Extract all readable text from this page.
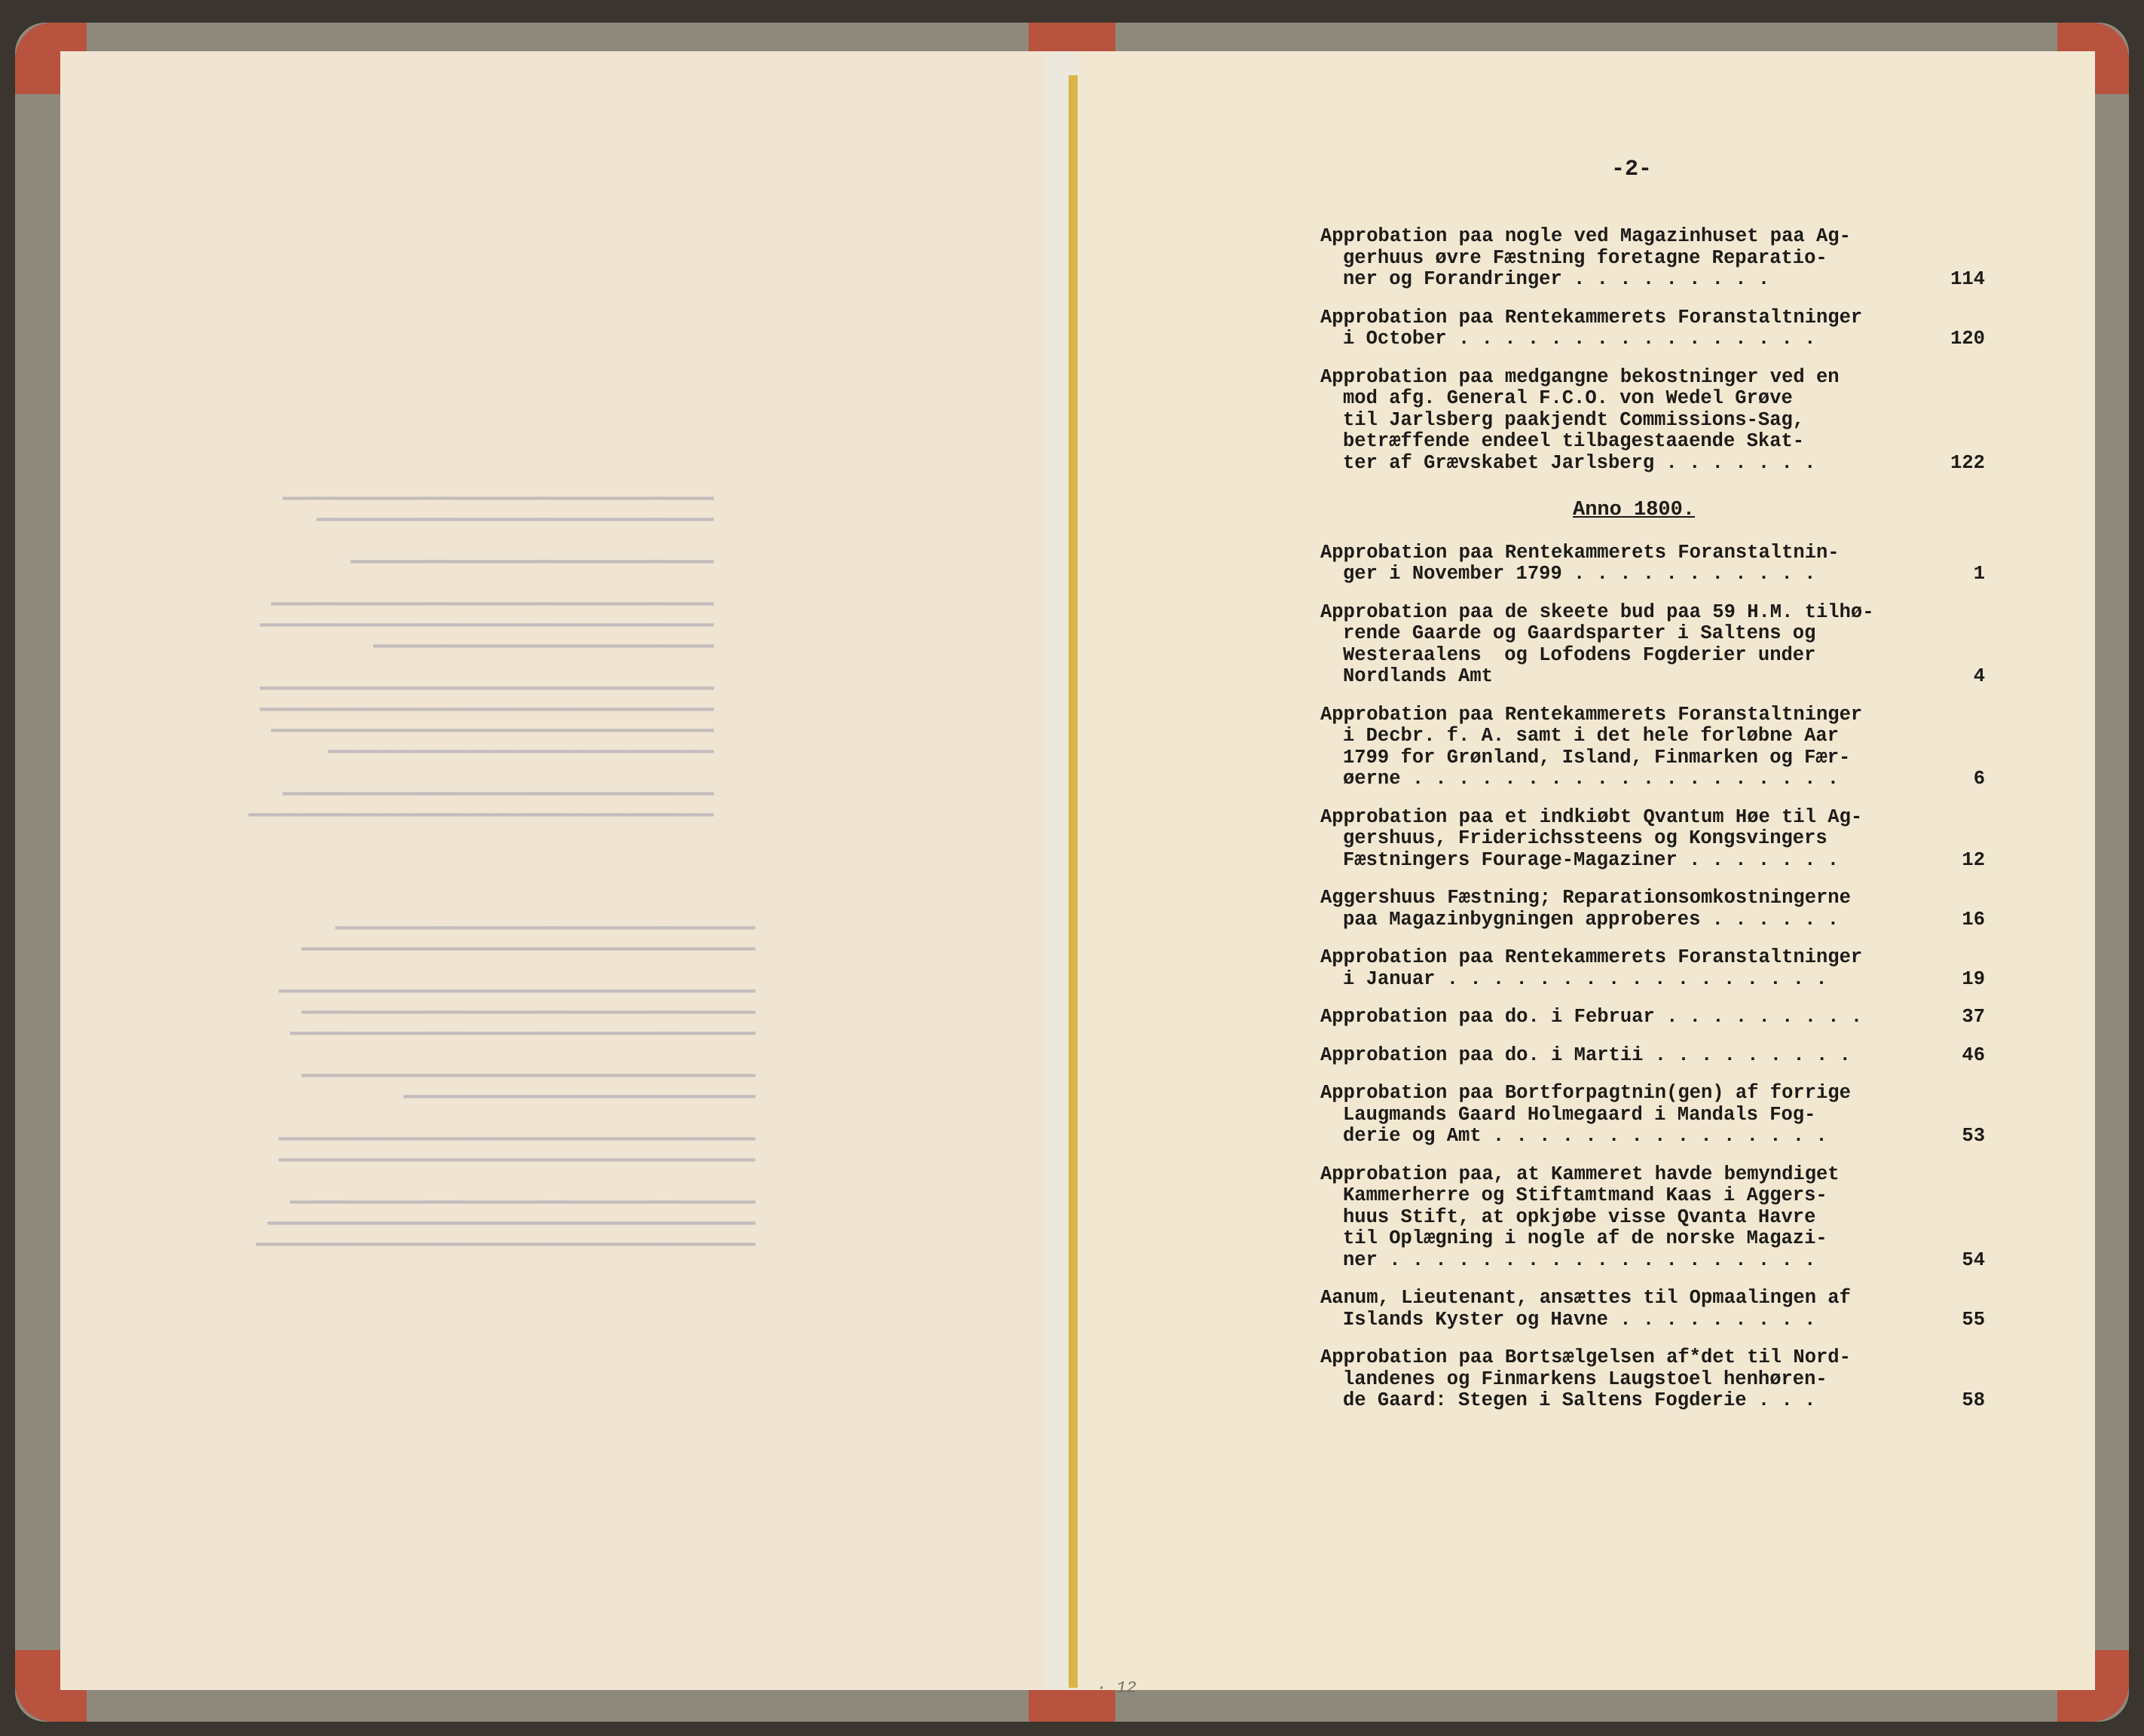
━━━━━━━━━━━━━━━━━━━━━━━━━━━━━━━━━━━━━━
━━━━━━━━━━━━━━━━━━━━━━━━━━━━━━━━━━━

━━━━━━━━━━━━━━━━━━━━━━━━━━━━━━━━

━━━━━━━━━━━━━━━━━━━━━━━━━━━━━━━━━━━━━━━
━━━━━━━━━━━━━━━━━━━━━━━━━━━━━━━━━━━━━━━━
━━━━━━━━━━━━━━━━━━━━━━━━━━━━━━

━━━━━━━━━━━━━━━━━━━━━━━━━━━━━━━━━━━━━━━━
━━━━━━━━━━━━━━━━━━━━━━━━━━━━━━━━━━━━━━━━
━━━━━━━━━━━━━━━━━━━━━━━━━━━━━━━━━━━━━━━
━━━━━━━━━━━━━━━━━━━━━━━━━━━━━━━━━━

━━━━━━━━━━━━━━━━━━━━━━━━━━━━━━━━━━━━━━
━━━━━━━━━━━━━━━━━━━━━━━━━━━━━━━━━━━━━━━━━
━━━━━━━━━━━━━━━━━━━━━━━━━━━━━━━━━━━━━
━━━━━━━━━━━━━━━━━━━━━━━━━━━━━━━━━━━━━━━━

━━━━━━━━━━━━━━━━━━━━━━━━━━━━━━━━━━━━━━━━━━
━━━━━━━━━━━━━━━━━━━━━━━━━━━━━━━━━━━━━━━━
━━━━━━━━━━━━━━━━━━━━━━━━━━━━━━━━━━━━━━━━━

━━━━━━━━━━━━━━━━━━━━━━━━━━━━━━━━━━━━━━━━
━━━━━━━━━━━━━━━━━━━━━━━━━━━━━━━

━━━━━━━━━━━━━━━━━━━━━━━━━━━━━━━━━━━━━━━━━━
━━━━━━━━━━━━━━━━━━━━━━━━━━━━━━━━━━━━━━━━━━

━━━━━━━━━━━━━━━━━━━━━━━━━━━━━━━━━━━━━━━━━
━━━━━━━━━━━━━━━━━━━━━━━━━━━━━━━━━━━━━━━━━━━
━━━━━━━━━━━━━━━━━━━━━━━━━━━━━━━━━━━━━━━━━━━━
-2-
Approbation paa nogle ved Magazinhuset paa Ag-
gerhuus øvre Fæstning foretagne Reparatio-
ner og Forandringer . . . . . . . . .	114
Approbation paa Rentekammerets Foranstaltninger
i October . . . . . . . . . . . . . . . .	120
Approbation paa medgangne bekostninger ved en
mod afg. General F.C.O. von Wedel Grøve
til Jarlsberg paakjendt Commissions-Sag,
betræffende endeel tilbagestaaende Skat-
ter af Grævskabet Jarlsberg . . . . . . .	122
Anno 1800.
Approbation paa Rentekammerets Foranstaltnin-
ger i November 1799 . . . . . . . . . . .	1
Approbation paa de skeete bud paa 59 H.M. tilhø-
rende Gaarde og Gaardsparter i Saltens og
Westeraalens  og Lofodens Fogderier under
Nordlands Amt	4
Approbation paa Rentekammerets Foranstaltninger
i Decbr. f. A. samt i det hele forløbne Aar
1799 for Grønland, Island, Finmarken og Fær-
øerne . . . . . . . . . . . . . . . . . . .	6
Approbation paa et indkiøbt Qvantum Høe til Ag-
gershuus, Friderichssteens og Kongsvingers
Fæstningers Fourage-Magaziner . . . . . . .	12
Aggershuus Fæstning; Reparationsomkostningerne
paa Magazinbygningen approberes . . . . . .	16
Approbation paa Rentekammerets Foranstaltninger
i Januar . . . . . . . . . . . . . . . . .	19
Approbation paa do. i Februar . . . . . . . . .	37
Approbation paa do. i Martii . . . . . . . . .	46
Approbation paa Bortforpagtnin(gen) af forrige
Laugmands Gaard Holmegaard i Mandals Fog-
derie og Amt . . . . . . . . . . . . . . .	53
Approbation paa, at Kammeret havde bemyndiget
Kammerherre og Stiftamtmand Kaas i Aggers-
huus Stift, at opkjøbe visse Qvanta Havre
til Oplægning i nogle af de norske Magazi-
ner . . . . . . . . . . . . . . . . . . .	54
Aanum, Lieutenant, ansættes til Opmaalingen af
Islands Kyster og Havne . . . . . . . . .	55
Approbation paa Bortsælgelsen af*det til Nord-
landenes og Finmarkens Laugstoel henhøren-
de Gaard: Stegen i Saltens Fogderie . . .	58
· 12
